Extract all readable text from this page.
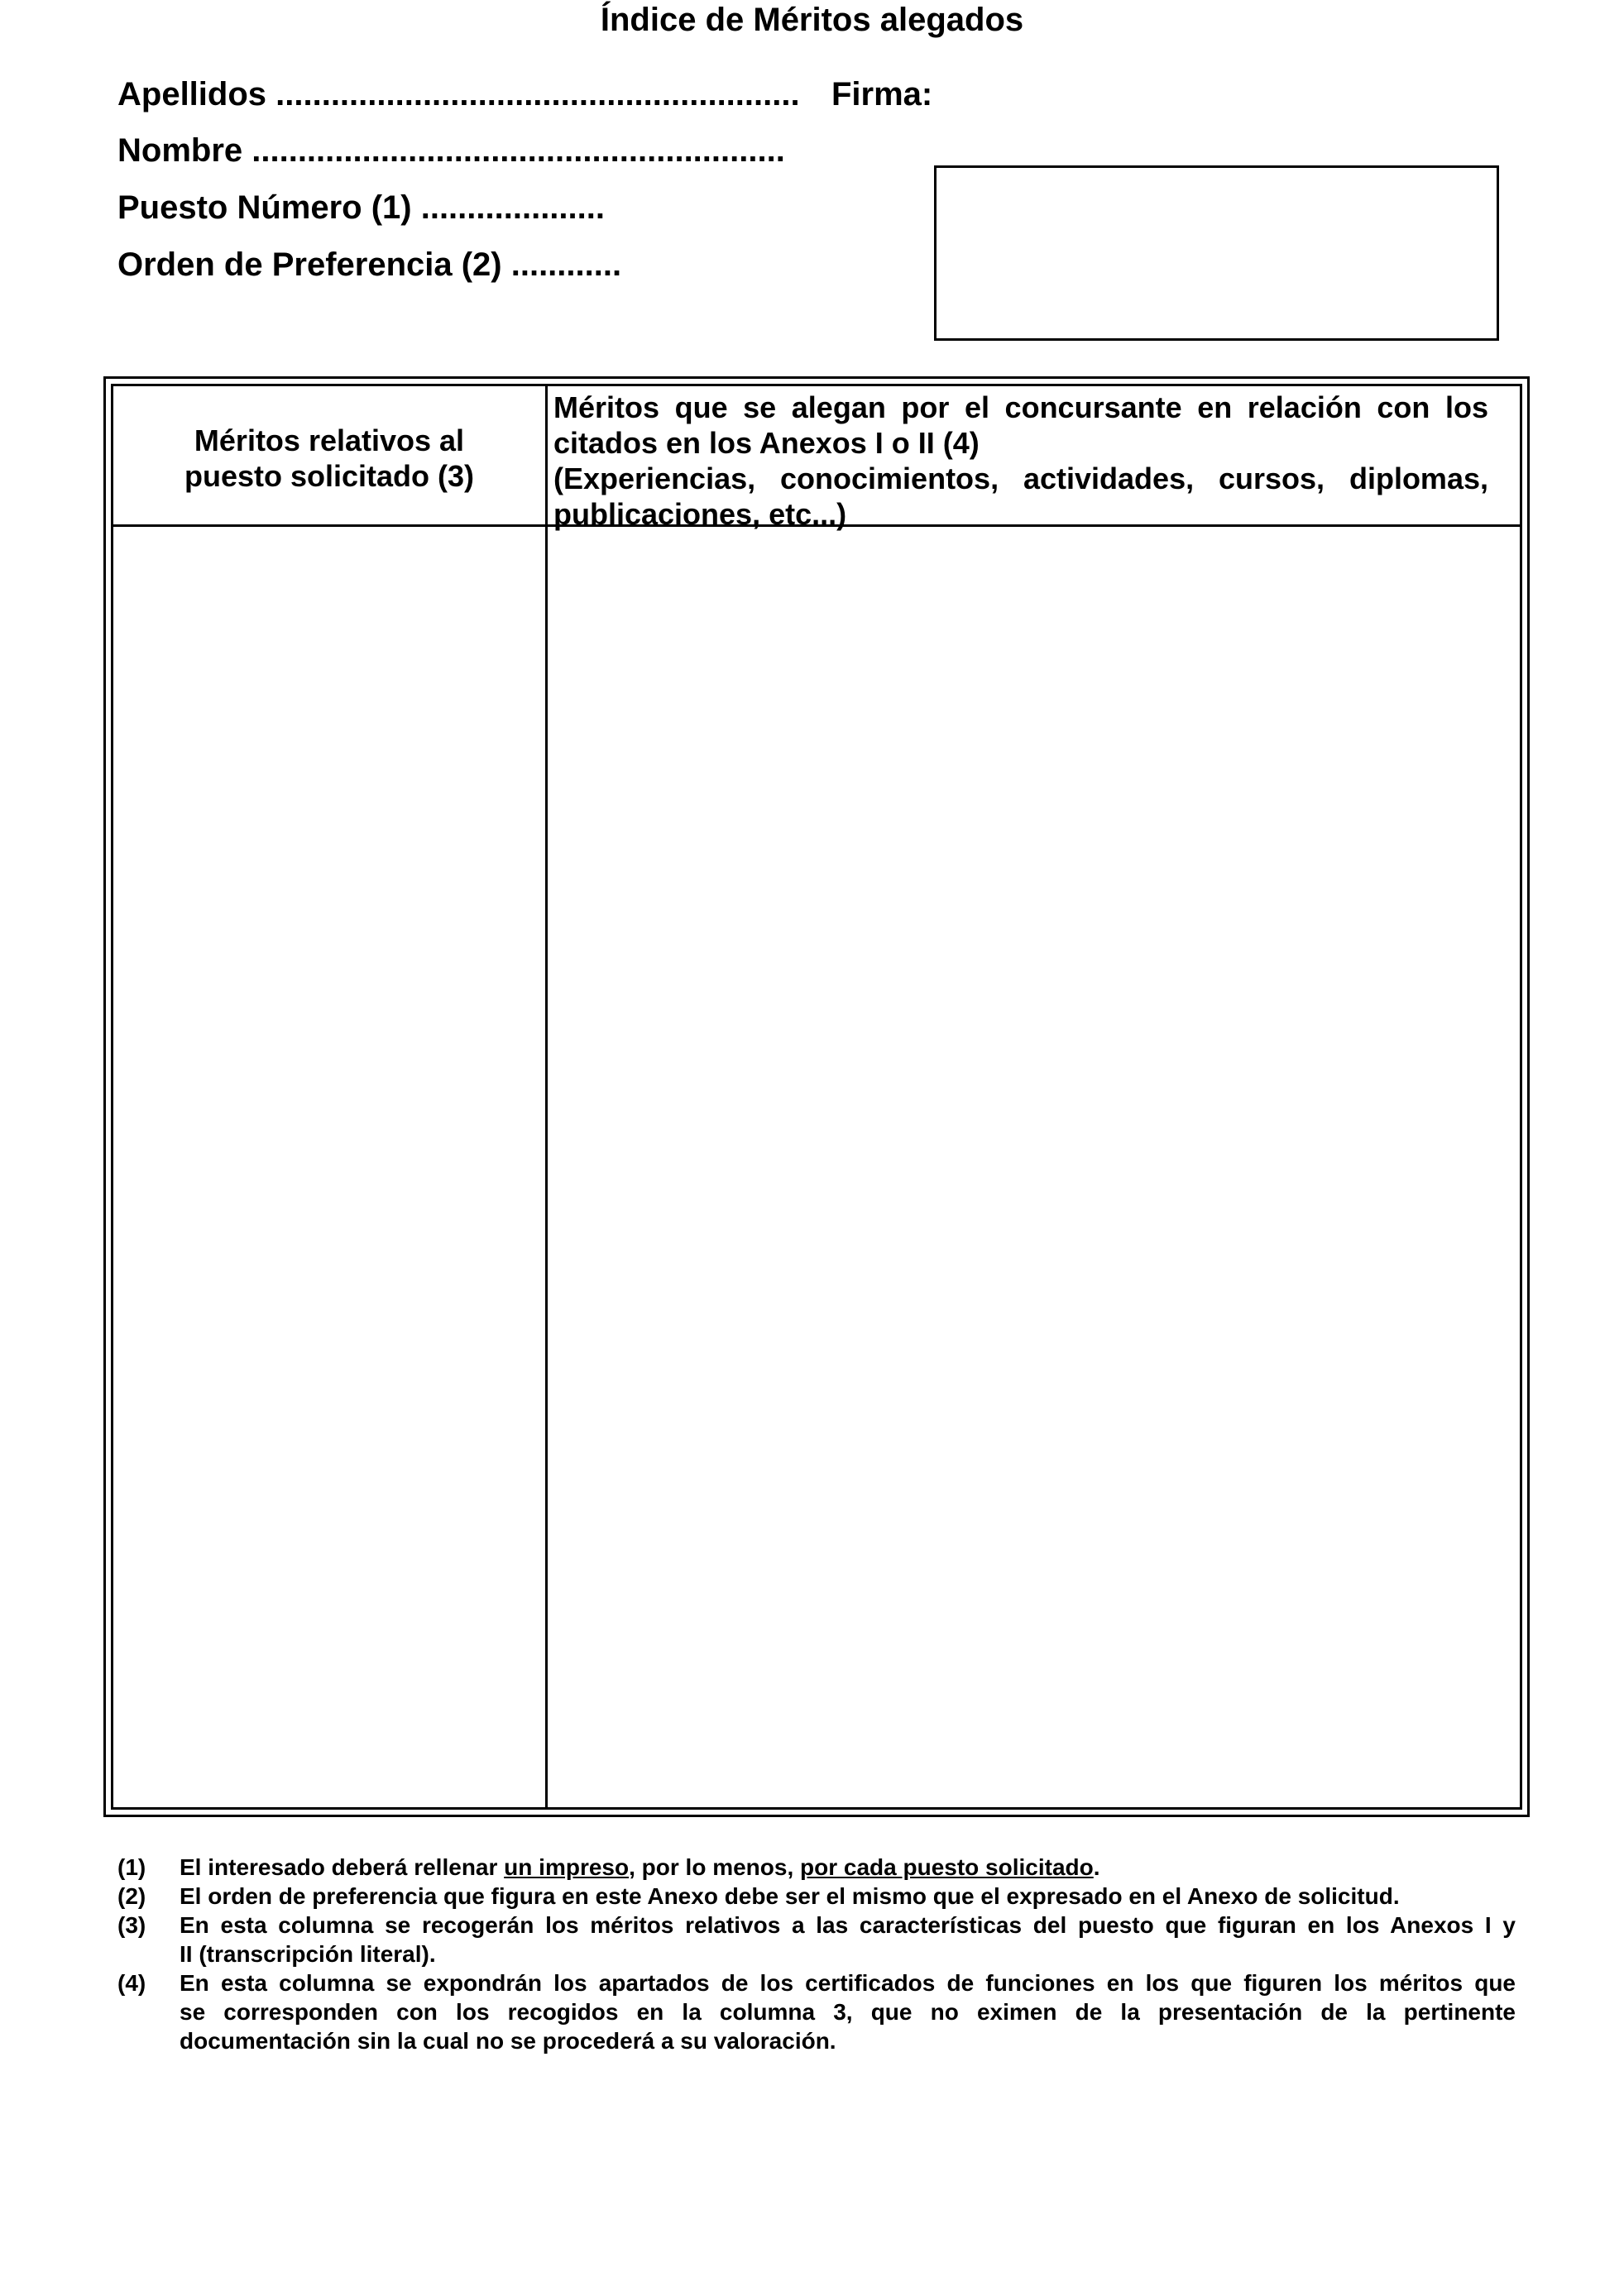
Índice de Méritos alegados
Apellidos .........................................................
Nombre ..........................................................
Puesto Número (1) ....................
Orden de Preferencia (2) ............
Firma:
Méritos relativos al
puesto solicitado (3)
Méritos que se alegan por el concursante en relación con los
citados en los Anexos I o II (4)
(Experiencias, conocimientos, actividades, cursos, diplomas,
publicaciones, etc...)
(1)	El interesado deberá rellenar un impreso, por lo menos, por cada puesto solicitado.
(2)	El orden de preferencia que figura en este Anexo debe ser el mismo que el expresado en el Anexo de solicitud.
(3)	En esta columna se recogerán los méritos relativos a las características del puesto que figuran en los Anexos I y
II (transcripción literal).
(4)	En esta columna se expondrán los apartados de los certificados de funciones en los que figuren los méritos que
se corresponden con los recogidos en la columna 3, que no eximen de la presentación de la pertinente
documentación sin la cual no se procederá a su valoración.
